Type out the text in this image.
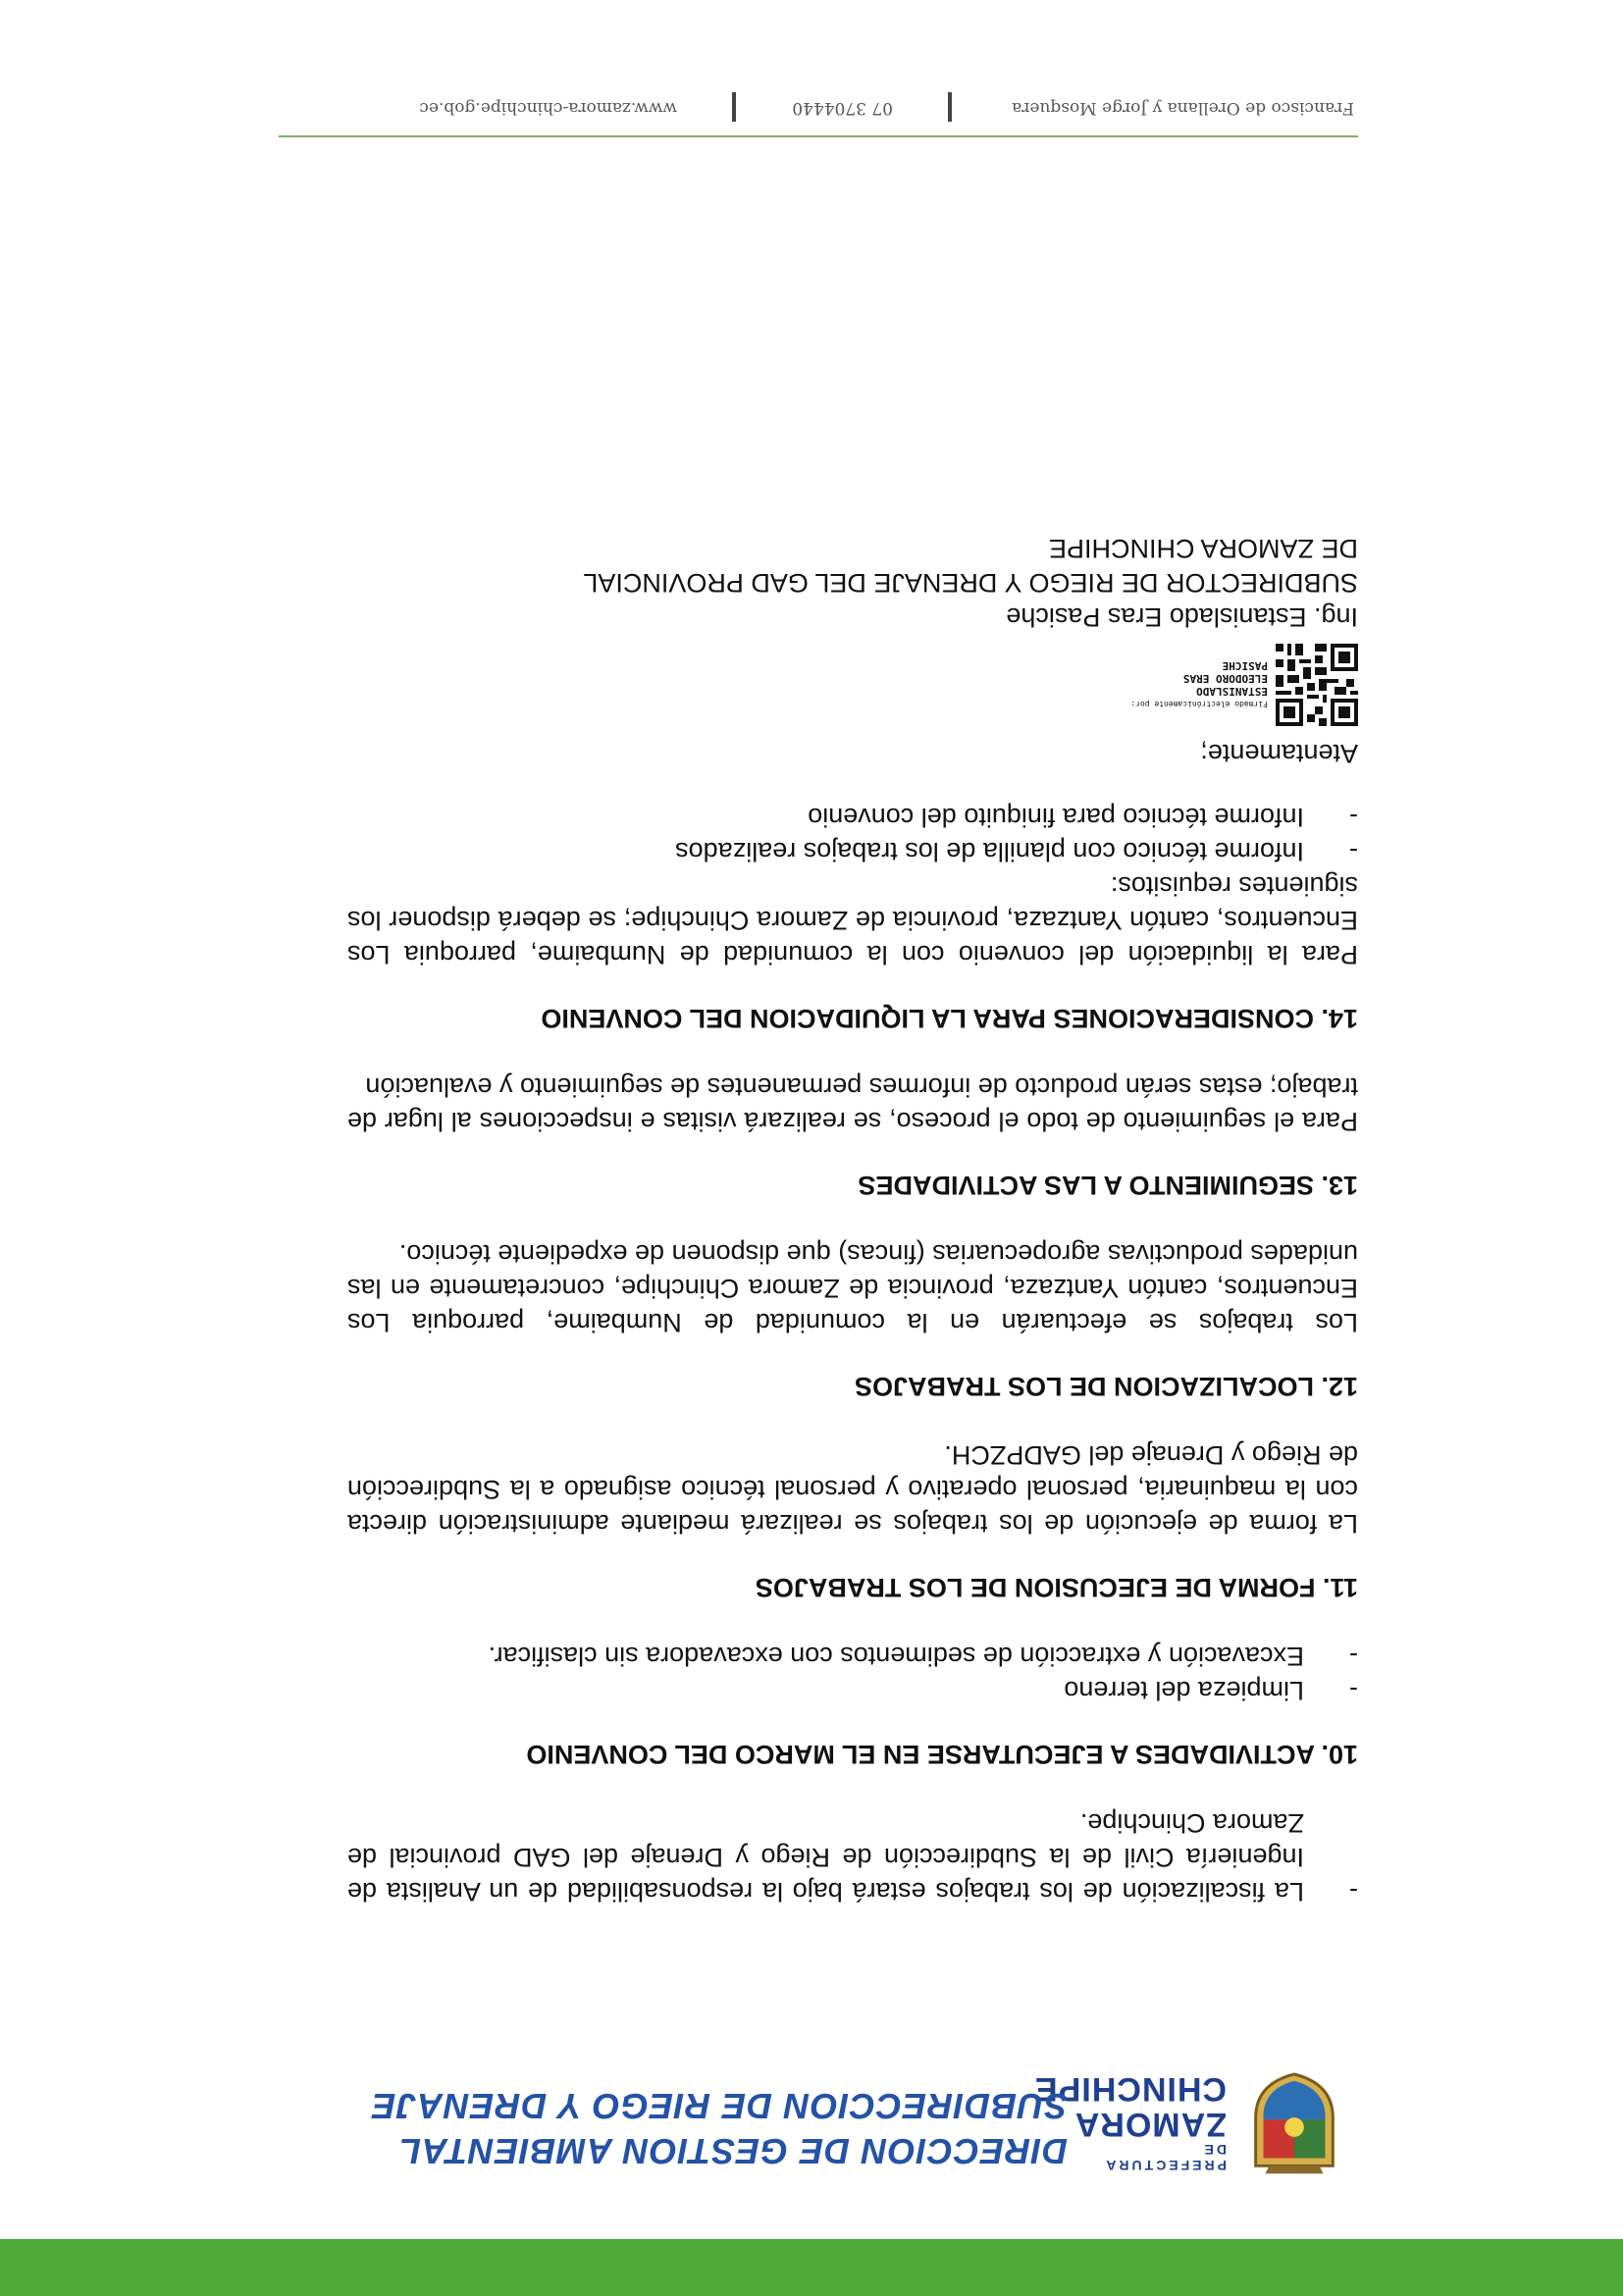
PREFECTURA DE
ZAMORA
CHINCHIPE
DIRECCION DE GESTION AMBIENTAL
SUBDIRECCION DE RIEGO Y DRENAJE
-
La fiscalización de los trabajos estará bajo la responsabilidad de un Analista de Ingeniería Civil de la Subdirección de Riego y Drenaje del GAD provincial de Zamora Chinchipe.

10. ACTIVIDADES A EJECUTARSE EN EL MARCO DEL CONVENIO

-
Limpieza del terreno
-
Excavación y extracción de sedimentos con excavadora sin clasificar.

11. FORMA DE EJECUSION DE LOS TRABAJOS

La forma de ejecución de los trabajos se realizará mediante administración directa con la maquinaria, personal operativo y personal técnico asignado a la Subdirección de Riego y Drenaje del GADPZCH.

12. LOCALIZACION DE LOS TRABAJOS

Los trabajos se efectuarán en la comunidad de Numbaime, parroquia Los Encuentros, cantón Yantzaza, provincia de Zamora Chinchipe, concretamente en las unidades productivas agropecuarias (fincas) que disponen de expediente técnico.

13. SEGUIMIENTO A LAS ACTIVIDADES

Para el seguimiento de todo el proceso, se realizará visitas e inspecciones al lugar de trabajo; estas serán producto de informes permanentes de seguimiento y evaluación

14. CONSIDERACIONES PARA LA LIQUIDACION DEL CONVENIO

Para la liquidación del convenio con la comunidad de Numbaime, parroquia Los Encuentros, cantón Yantzaza, provincia de Zamora Chinchipe; se deberá disponer los siguientes requisitos:

-
Informe técnico con planilla de los trabajos realizados
-
Informe técnico para finiquito del convenio

Atentamente;

Firmado electrónicamente por:
ESTANISLADO
ELEODORO ERAS
PASICHE

Ing. Estanislado Eras Pasiche

SUBDIRECTOR DE RIEGO Y DRENAJE DEL GAD PROVINCIAL

DE ZAMORA CHINCHIPE

Francisco de Orellana y Jorge Mosquera
07 3704440
www.zamora-chinchipe.gob.ec
